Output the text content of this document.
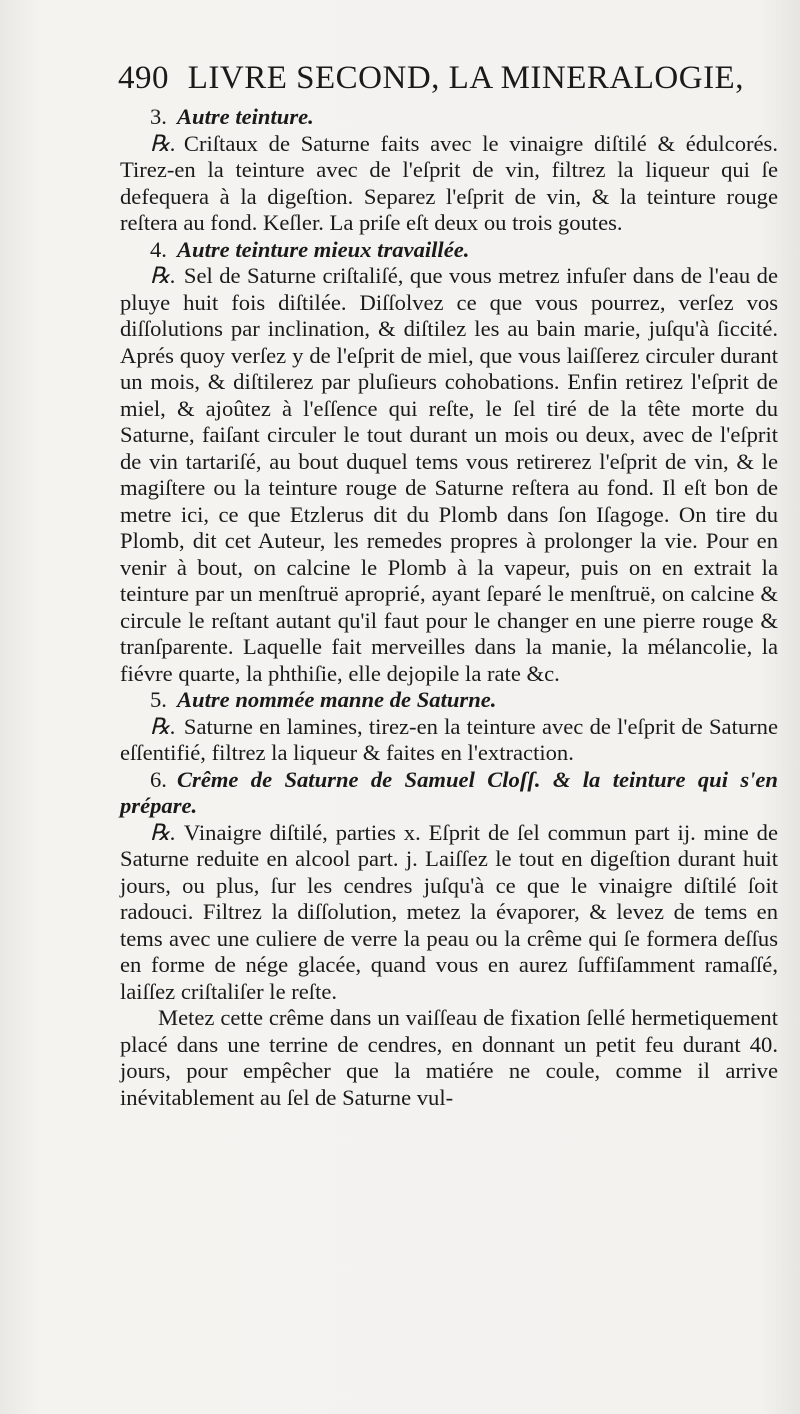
490 LIVRE SECOND, LA MINERALOGIE,

3. Autre teinture.

℞. Criſtaux de Saturne faits avec le vinaigre diſtilé & édulcorés. Tirez-en la teinture avec de l'eſprit de vin, filtrez la liqueur qui ſe defequera à la digeſtion. Separez l'eſprit de vin, & la teinture rouge reſtera au fond. Keſler. La priſe eſt deux ou trois goutes.

4. Autre teinture mieux travaillée.

℞. Sel de Saturne criſtaliſé, que vous metrez infuſer dans de l'eau de pluye huit fois diſtilée. Diſſolvez ce que vous pourrez, verſez vos diſſolutions par inclination, & diſtilez les au bain marie, juſqu'à ſiccité. Aprés quoy verſez y de l'eſprit de miel, que vous laiſſerez circuler durant un mois, & diſtilerez par pluſieurs cohobations. Enfin retirez l'eſprit de miel, & ajoûtez à l'eſſence qui reſte, le ſel tiré de la tête morte du Saturne, faiſant circuler le tout durant un mois ou deux, avec de l'eſprit de vin tartariſé, au bout duquel tems vous retirerez l'eſprit de vin, & le magiſtere ou la teinture rouge de Saturne reſtera au fond. Il eſt bon de metre ici, ce que Etzlerus dit du Plomb dans ſon Iſagoge. On tire du Plomb, dit cet Auteur, les remedes propres à prolonger la vie. Pour en venir à bout, on calcine le Plomb à la vapeur, puis on en extrait la teinture par un menſtruë aproprié, ayant ſeparé le menſtruë, on calcine & circule le reſtant autant qu'il faut pour le changer en une pierre rouge & tranſparente. Laquelle fait merveilles dans la manie, la mélancolie, la fiévre quarte, la phthiſie, elle dejopile la rate &c.

5. Autre nommée manne de Saturne.

℞. Saturne en lamines, tirez-en la teinture avec de l'eſprit de Saturne eſſentifié, filtrez la liqueur & faites en l'extraction.

6. Crême de Saturne de Samuel Cloſſ. & la teinture qui s'en prépare.

℞. Vinaigre diſtilé, parties x. Eſprit de ſel commun part ij. mine de Saturne reduite en alcool part. j. Laiſſez le tout en digeſtion durant huit jours, ou plus, ſur les cendres juſqu'à ce que le vinaigre diſtilé ſoit radouci. Filtrez la diſſolution, metez la évaporer, & levez de tems en tems avec une culiere de verre la peau ou la crême qui ſe formera deſſus en forme de nége glacée, quand vous en aurez ſuffiſamment ramaſſé, laiſſez criſtaliſer le reſte.

Metez cette crême dans un vaiſſeau de fixation ſellé hermetiquement placé dans une terrine de cendres, en donnant un petit feu durant 40. jours, pour empêcher que la matiére ne coule, comme il arrive inévitablement au ſel de Saturne vul-
